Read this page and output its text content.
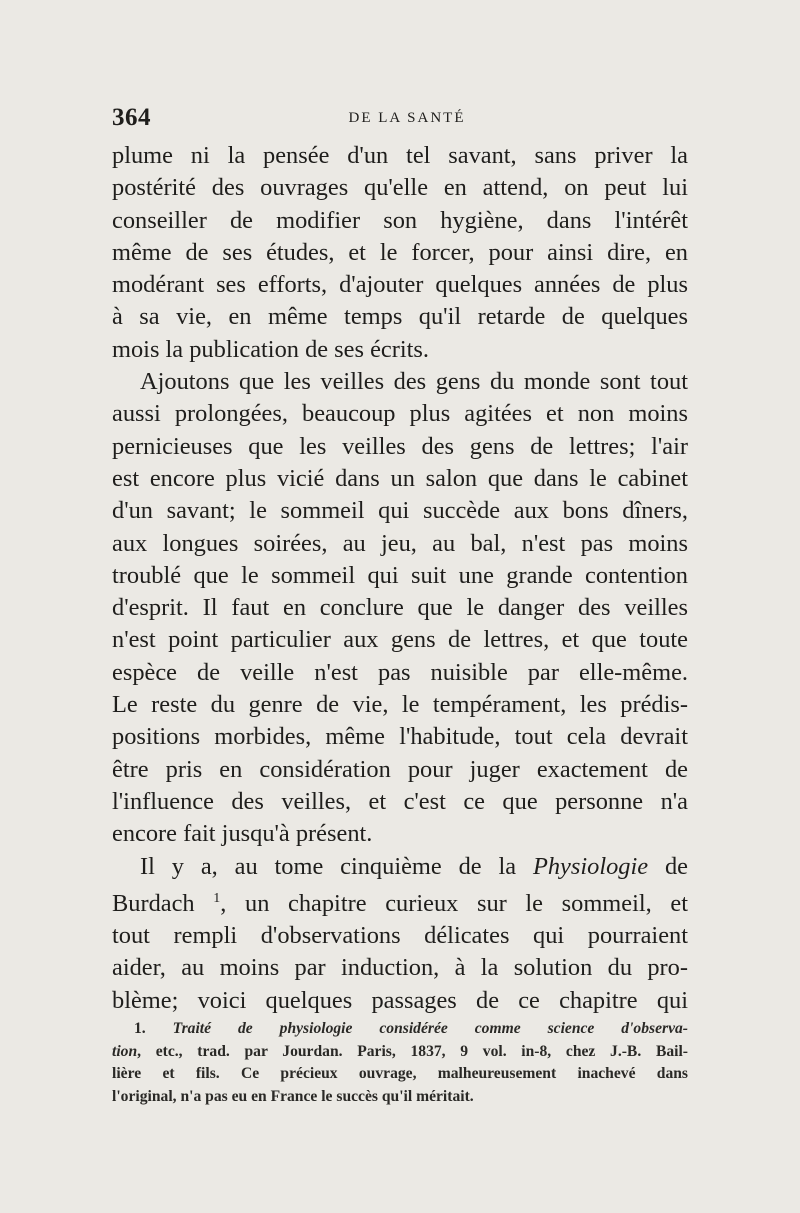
364	DE LA SANTÉ
plume ni la pensée d'un tel savant, sans priver la
postérité des ouvrages qu'elle en attend, on peut lui
conseiller de modifier son hygiène, dans l'intérêt
même de ses études, et le forcer, pour ainsi dire, en
modérant ses efforts, d'ajouter quelques années de plus
à sa vie, en même temps qu'il retarde de quelques
mois la publication de ses écrits.
Ajoutons que les veilles des gens du monde sont tout
aussi prolongées, beaucoup plus agitées et non moins
pernicieuses que les veilles des gens de lettres; l'air
est encore plus vicié dans un salon que dans le cabinet
d'un savant; le sommeil qui succède aux bons dîners,
aux longues soirées, au jeu, au bal, n'est pas moins
troublé que le sommeil qui suit une grande contention
d'esprit. Il faut en conclure que le danger des veilles
n'est point particulier aux gens de lettres, et que toute
espèce de veille n'est pas nuisible par elle-même.
Le reste du genre de vie, le tempérament, les prédis-
positions morbides, même l'habitude, tout cela devrait
être pris en considération pour juger exactement de
l'influence des veilles, et c'est ce que personne n'a
encore fait jusqu'à présent.
Il y a, au tome cinquième de la Physiologie de
Burdach $^1$, un chapitre curieux sur le sommeil, et
tout rempli d'observations délicates qui pourraient
aider, au moins par induction, à la solution du pro-
blème; voici quelques passages de ce chapitre qui
1. Traité de physiologie considérée comme science d'observa-
tion, etc., trad. par Jourdan. Paris, 1837, 9 vol. in-8, chez J.-B. Bail-
lière et fils. Ce précieux ouvrage, malheureusement inachevé dans
l'original, n'a pas eu en France le succès qu'il méritait.
